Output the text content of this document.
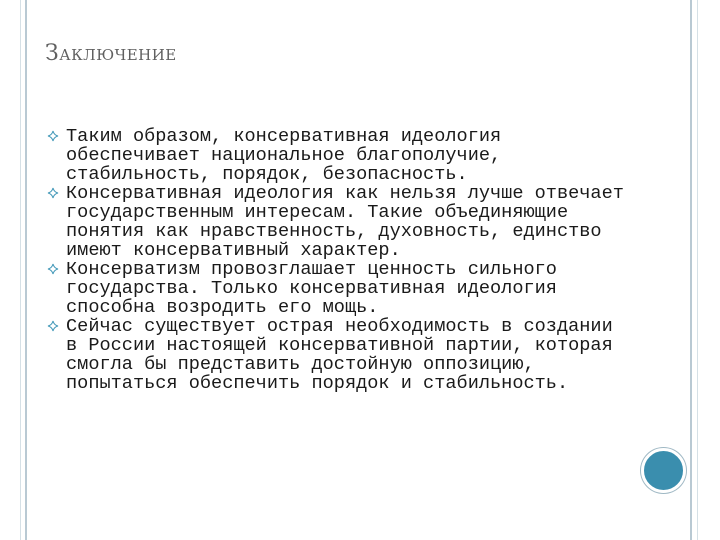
Заключение
Таким образом, консервативная идеология обеспечивает национальное благополучие, стабильность, порядок, безопасность.
Консервативная идеология как нельзя лучше отвечает государственным интересам. Такие объединяющие понятия как нравственность, духовность, единство имеют консервативный характер.
Консерватизм провозглашает ценность сильного государства. Только консервативная идеология способна возродить его мощь.
Сейчас существует острая необходимость в создании в России настоящей консервативной партии, которая смогла бы представить достойную оппозицию, попытаться обеспечить порядок и стабильность.
